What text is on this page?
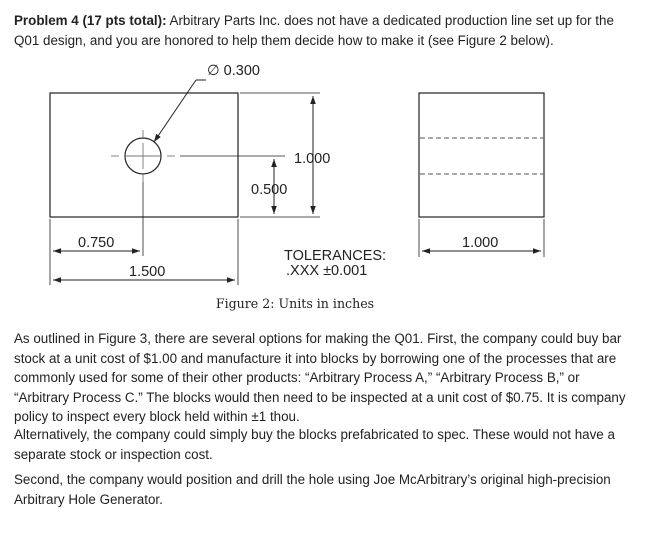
Problem 4 (17 pts total): Arbitrary Parts Inc. does not have a dedicated production line set up for the Q01 design, and you are honored to help them decide how to make it (see Figure 2 below).

∅ 0.300
1.000
0.500
0.750
1.500
TOLERANCES:
.XXX ±0.001
1.000
Figure 2: Units in inches

As outlined in Figure 3, there are several options for making the Q01. First, the company could buy bar stock at a unit cost of $1.00 and manufacture it into blocks by borrowing one of the processes that are commonly used for some of their other products: “Arbitrary Process A,” “Arbitrary Process B,” or “Arbitrary Process C.” The blocks would then need to be inspected at a unit cost of $0.75. It is company policy to inspect every block held within ±1 thou.

Alternatively, the company could simply buy the blocks prefabricated to spec. These would not have a separate stock or inspection cost.

Second, the company would position and drill the hole using Joe McArbitrary’s original high-precision Arbitrary Hole Generator.
